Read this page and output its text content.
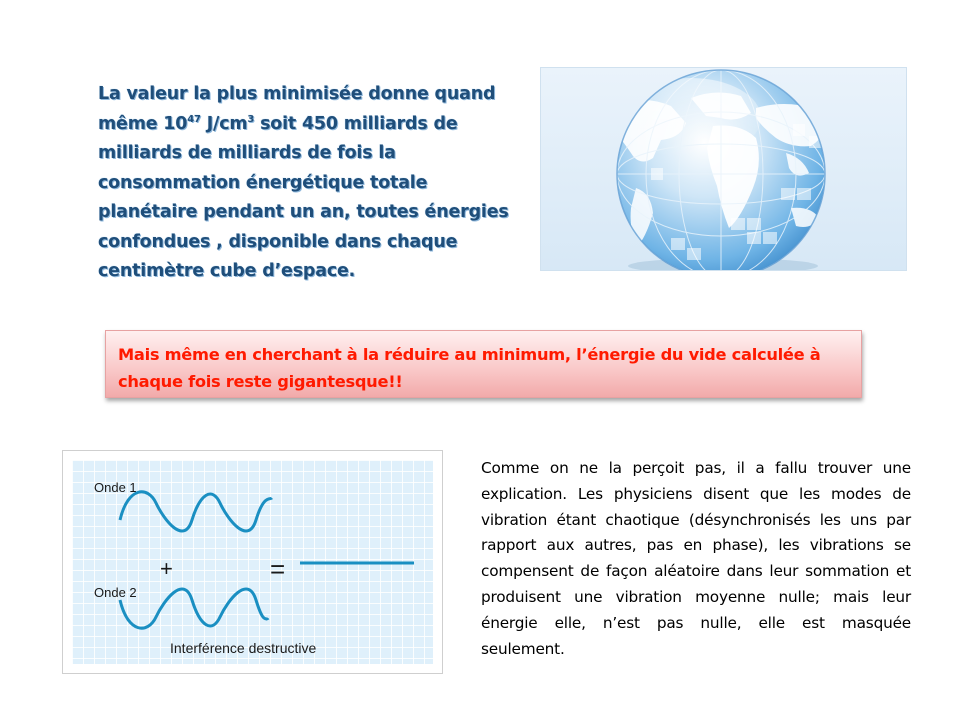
La valeur la plus minimisée donne quand même $10^{47}$ $J/cm^3$ soit 450 milliards de milliards de milliards de fois la consommation énergétique totale planétaire pendant un an, toutes énergies confondues , disponible dans chaque centimètre cube d’espace.
Mais même en cherchant à la réduire au minimum, l’énergie du vide calculée à chaque fois reste gigantesque!!
Onde 1
+	=
Onde 2
Interférence destructive
Comme on ne la perçoit pas, il a fallu trouver une explication. Les physiciens disent que les modes de vibration étant chaotique (désynchronisés les uns par rapport aux autres, pas en phase), les vibrations se compensent de façon aléatoire dans leur sommation et produisent une vibration moyenne nulle; mais leur énergie elle, n’est pas nulle, elle est masquée seulement.
